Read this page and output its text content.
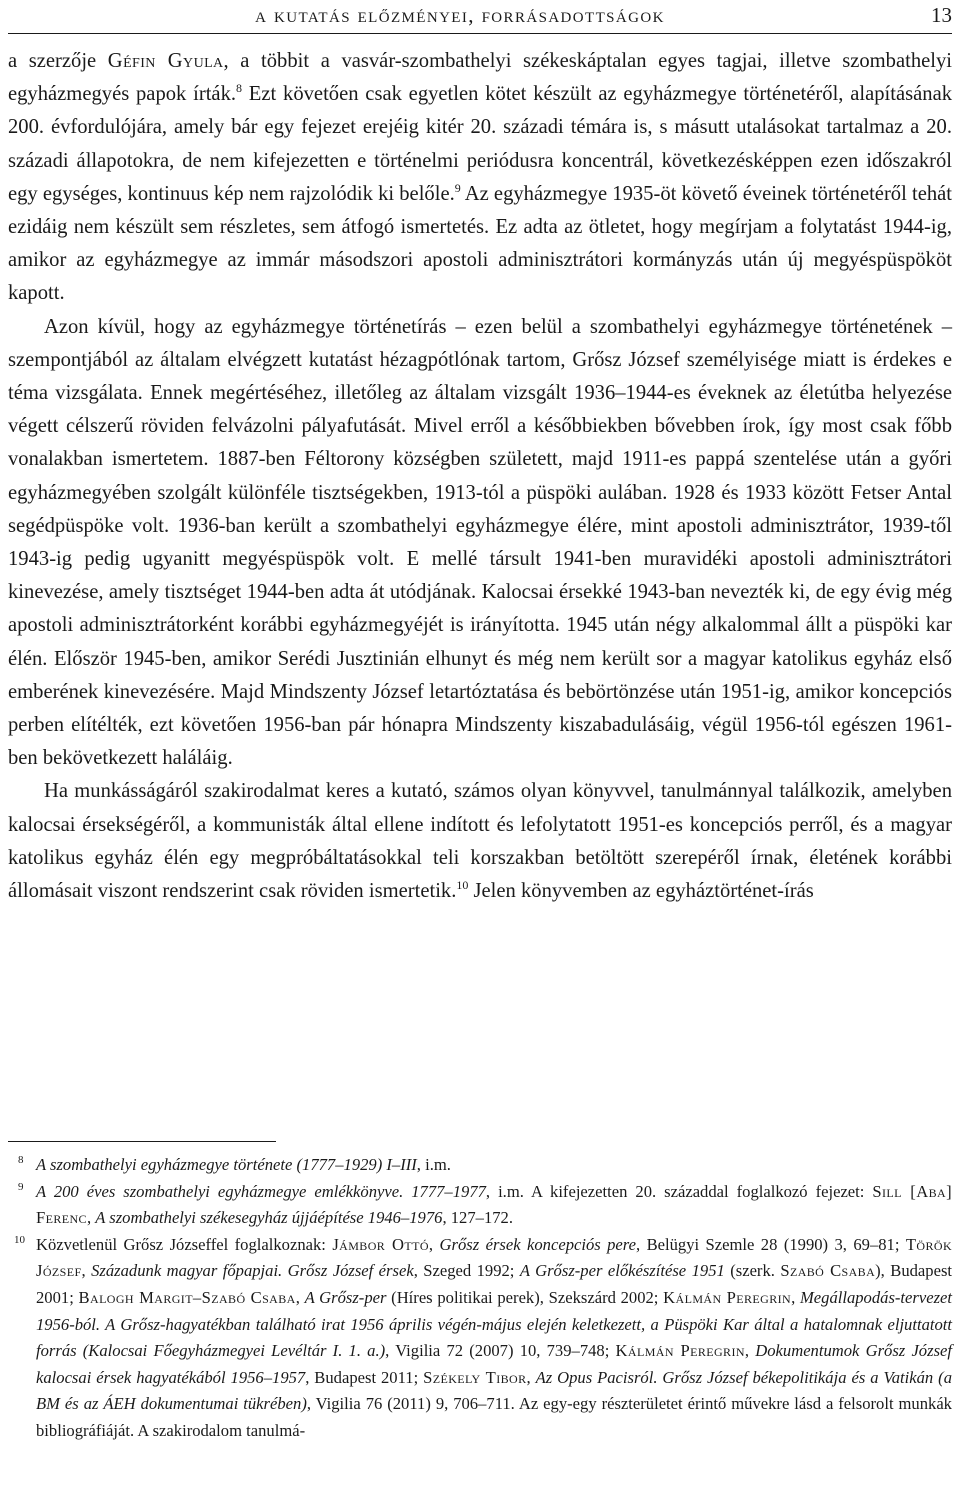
a kutatás előzményei, forrásadottságok	13

a szerzője Géfin Gyula, a többit a vasvár-szombathelyi székeskáptalan egyes tagjai, illetve szombathelyi egyházmegyés papok írták.$^8$ Ezt követően csak egyetlen kötet készült az egyházmegye történetéről, alapításának 200. évfordulójára, amely bár egy fejezet erejéig kitér 20. századi témára is, s másutt utalásokat tartalmaz a 20. századi állapotokra, de nem kifejezetten e történelmi periódusra koncentrál, következésképpen ezen időszakról egy egységes, kontinuus kép nem rajzolódik ki belőle.$^9$ Az egyházmegye 1935-öt követő éveinek történetéről tehát ezidáig nem készült sem részletes, sem átfogó ismertetés. Ez adta az ötletet, hogy megírjam a folytatást 1944-ig, amikor az egyházmegye az immár másodszori apostoli adminisztrátori kormányzás után új megyéspüspököt kapott.

Azon kívül, hogy az egyházmegye történetírás – ezen belül a szombathelyi egyházmegye történetének – szempontjából az általam elvégzett kutatást hézagpótlónak tartom, Grősz József személyisége miatt is érdekes e téma vizsgálata. Ennek megértéséhez, illetőleg az általam vizsgált 1936–1944-es éveknek az életútba helyezése végett célszerű röviden felvázolni pályafutását. Mivel erről a későbbiekben bővebben írok, így most csak főbb vonalakban ismertetem. 1887-ben Féltorony községben született, majd 1911-es pappá szentelése után a győri egyházmegyében szolgált különféle tisztségekben, 1913-tól a püspöki aulában. 1928 és 1933 között Fetser Antal segédpüspöke volt. 1936-ban került a szombathelyi egyházmegye élére, mint apostoli adminisztrátor, 1939-től 1943-ig pedig ugyanitt megyéspüspök volt. E mellé társult 1941-ben muravidéki apostoli adminisztrátori kinevezése, amely tisztséget 1944-ben adta át utódjának. Kalocsai érsekké 1943-ban nevezték ki, de egy évig még apostoli adminisztrátorként korábbi egyházmegyéjét is irányította. 1945 után négy alkalommal állt a püspöki kar élén. Először 1945-ben, amikor Serédi Jusztinián elhunyt és még nem került sor a magyar katolikus egyház első emberének kinevezésére. Majd Mindszenty József letartóztatása és bebörtönzése után 1951-ig, amikor koncepciós perben elítélték, ezt követően 1956-ban pár hónapra Mindszenty kiszabadulásáig, végül 1956-tól egészen 1961-ben bekövetkezett haláláig.

Ha munkásságáról szakirodalmat keres a kutató, számos olyan könyvvel, tanulmánnyal találkozik, amelyben kalocsai érsekségéről, a kommunisták által ellene indított és lefolytatott 1951-es koncepciós perről, és a magyar katolikus egyház élén egy megpróbáltatásokkal teli korszakban betöltött szerepéről írnak, életének korábbi állomásait viszont rendszerint csak röviden ismertetik.$^{10}$ Jelen könyvemben az egyháztörténet-írás

8 A szombathelyi egyházmegye története (1777–1929) I–III, i.m.

9 A 200 éves szombathelyi egyházmegye emlékkönyve. 1777–1977, i.m. A kifejezetten 20. századdal foglalkozó fejezet: Sill [Aba] Ferenc, A szombathelyi székesegyház újjáépítése 1946–1976, 127–172.

10 Közvetlenül Grősz Józseffel foglalkoznak: Jámbor Ottó, Grősz érsek koncepciós pere, Belügyi Szemle 28 (1990) 3, 69–81; Török József, Századunk magyar főpapjai. Grősz József érsek, Szeged 1992; A Grősz-per előkészítése 1951 (szerk. Szabó Csaba), Budapest 2001; Balogh Margit–Szabó Csaba, A Grősz-per (Híres politikai perek), Szekszárd 2002; Kálmán Peregrin, Megállapodás-tervezet 1956-ból. A Grősz-hagyatékban található irat 1956 április végén-május elején keletkezett, a Püspöki Kar által a hatalomnak eljuttatott forrás (Kalocsai Főegyházmegyei Levéltár I. 1. a.), Vigilia 72 (2007) 10, 739–748; Kálmán Peregrin, Dokumentumok Grősz József kalocsai érsek hagyatékából 1956–1957, Budapest 2011; Székely Tibor, Az Opus Pacisról. Grősz József békepolitikája és a Vatikán (a BM és az ÁEH dokumentumai tükrében), Vigilia 76 (2011) 9, 706–711. Az egy-egy részterületet érintő művekre lásd a felsorolt munkák bibliográfiáját. A szakirodalom tanulmá-
